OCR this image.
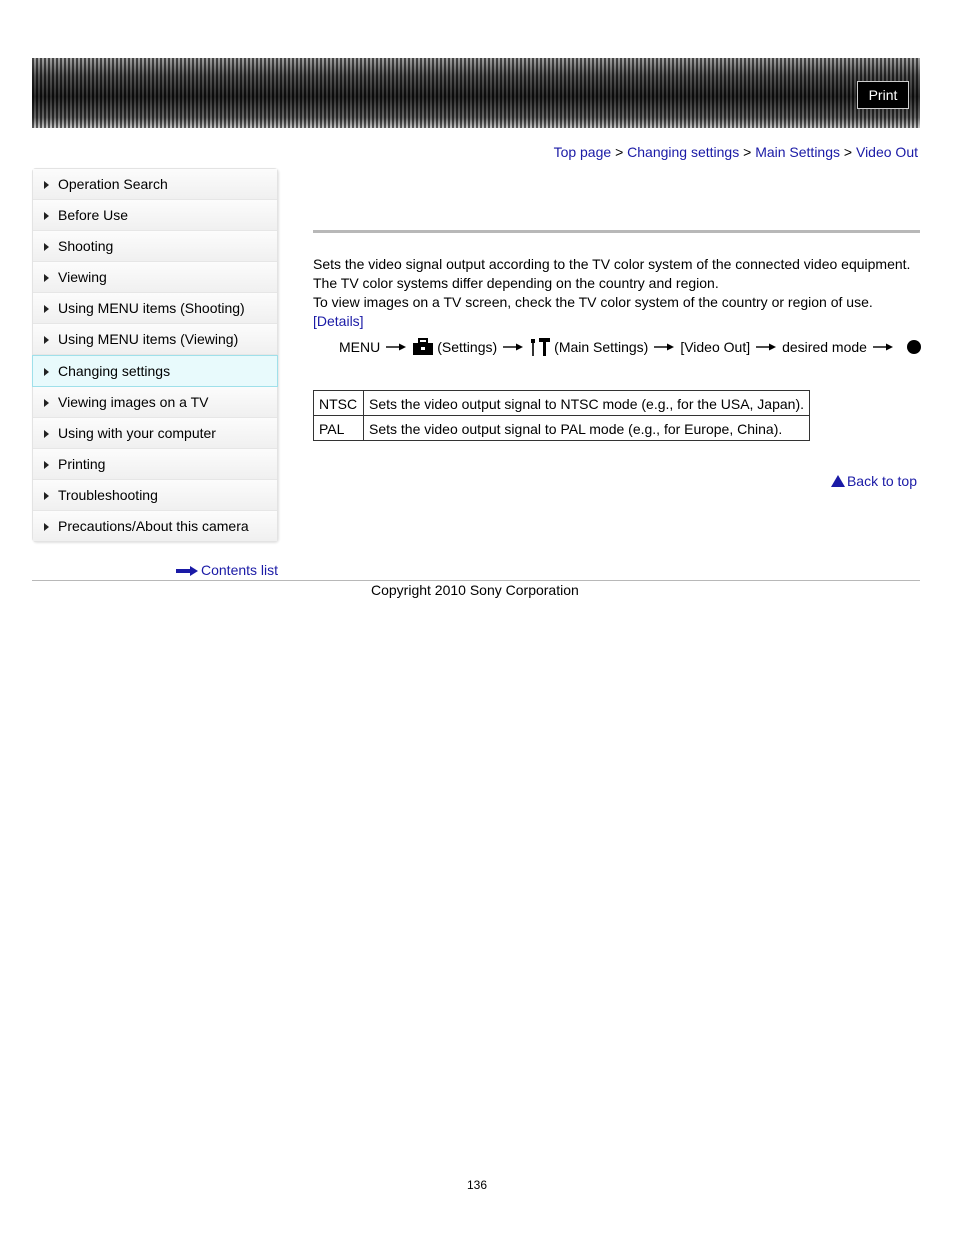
Print
Top page > Changing settings > Main Settings > Video Out
Operation Search
Before Use
Shooting
Viewing
Using MENU items (Shooting)
Using MENU items (Viewing)
Changing settings
Viewing images on a TV
Using with your computer
Printing
Troubleshooting
Precautions/About this camera
Contents list
Sets the video signal output according to the TV color system of the connected video equipment.
The TV color systems differ depending on the country and region.
To view images on a TV screen, check the TV color system of the country or region of use.
[Details]
MENU	(Settings)	(Main Settings) [Video Out] desired mode
NTSC	Sets the video output signal to NTSC mode (e.g., for the USA, Japan).
PAL	Sets the video output signal to PAL mode (e.g., for Europe, China).
Back to top
Copyright 2010 Sony Corporation
136
